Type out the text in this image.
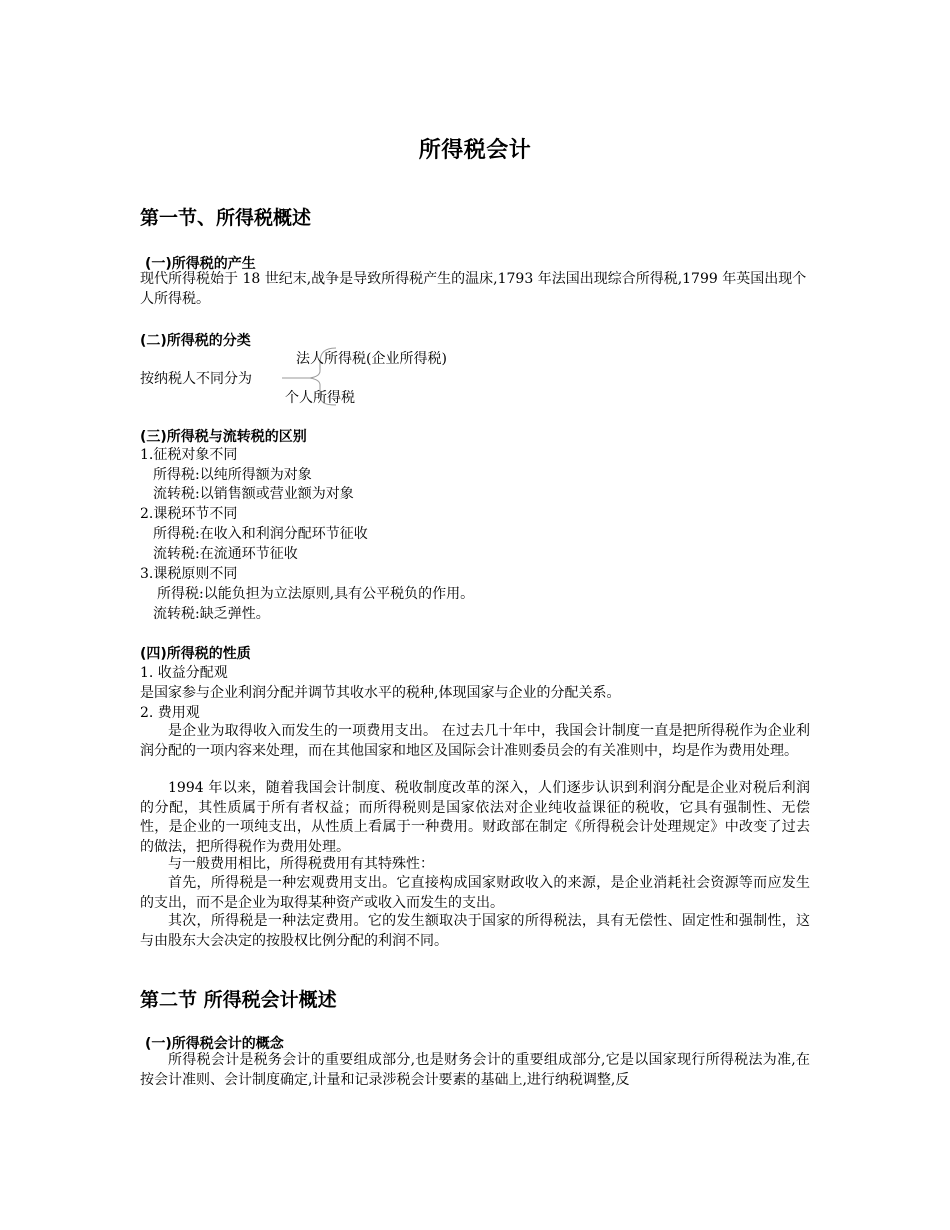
所得税会计
第一节、所得税概述
(一)所得税的产生
现代所得税始于 18 世纪末,战争是导致所得税产生的温床,1793 年法国出现综合所得税,1799 年英国出现个人所得税。
(二)所得税的分类
按纳税人不同分为
法人所得税(企业所得税)
个人所得税
(三)所得税与流转税的区别
1.征税对象不同
所得税:以纯所得额为对象
流转税:以销售额或营业额为对象
2.课税环节不同
所得税:在收入和利润分配环节征收
流转税:在流通环节征收
3.课税原则不同
所得税:以能负担为立法原则,具有公平税负的作用。
流转税:缺乏弹性。
(四)所得税的性质
1. 收益分配观
是国家参与企业利润分配并调节其收水平的税种,体现国家与企业的分配关系。
2. 费用观
是企业为取得收入而发生的一项费用支出。 在过去几十年中，我国会计制度一直是把所得税作为企业利润分配的一项内容来处理，而在其他国家和地区及国际会计准则委员会的有关准则中，均是作为费用处理。
1994 年以来，随着我国会计制度、税收制度改革的深入，人们逐步认识到利润分配是企业对税后利润的分配，其性质属于所有者权益；而所得税则是国家依法对企业纯收益课征的税收，它具有强制性、无偿性，是企业的一项纯支出，从性质上看属于一种费用。财政部在制定《所得税会计处理规定》中改变了过去的做法，把所得税作为费用处理。
与一般费用相比，所得税费用有其特殊性：
首先，所得税是一种宏观费用支出。它直接构成国家财政收入的来源，是企业消耗社会资源等而应发生的支出，而不是企业为取得某种资产或收入而发生的支出。
其次，所得税是一种法定费用。它的发生额取决于国家的所得税法，具有无偿性、固定性和强制性，这与由股东大会决定的按股权比例分配的利润不同。
第二节 所得税会计概述
(一)所得税会计的概念
所得税会计是税务会计的重要组成部分,也是财务会计的重要组成部分,它是以国家现行所得税法为准,在按会计准则、会计制度确定,计量和记录涉税会计要素的基础上,进行纳税调整,反
